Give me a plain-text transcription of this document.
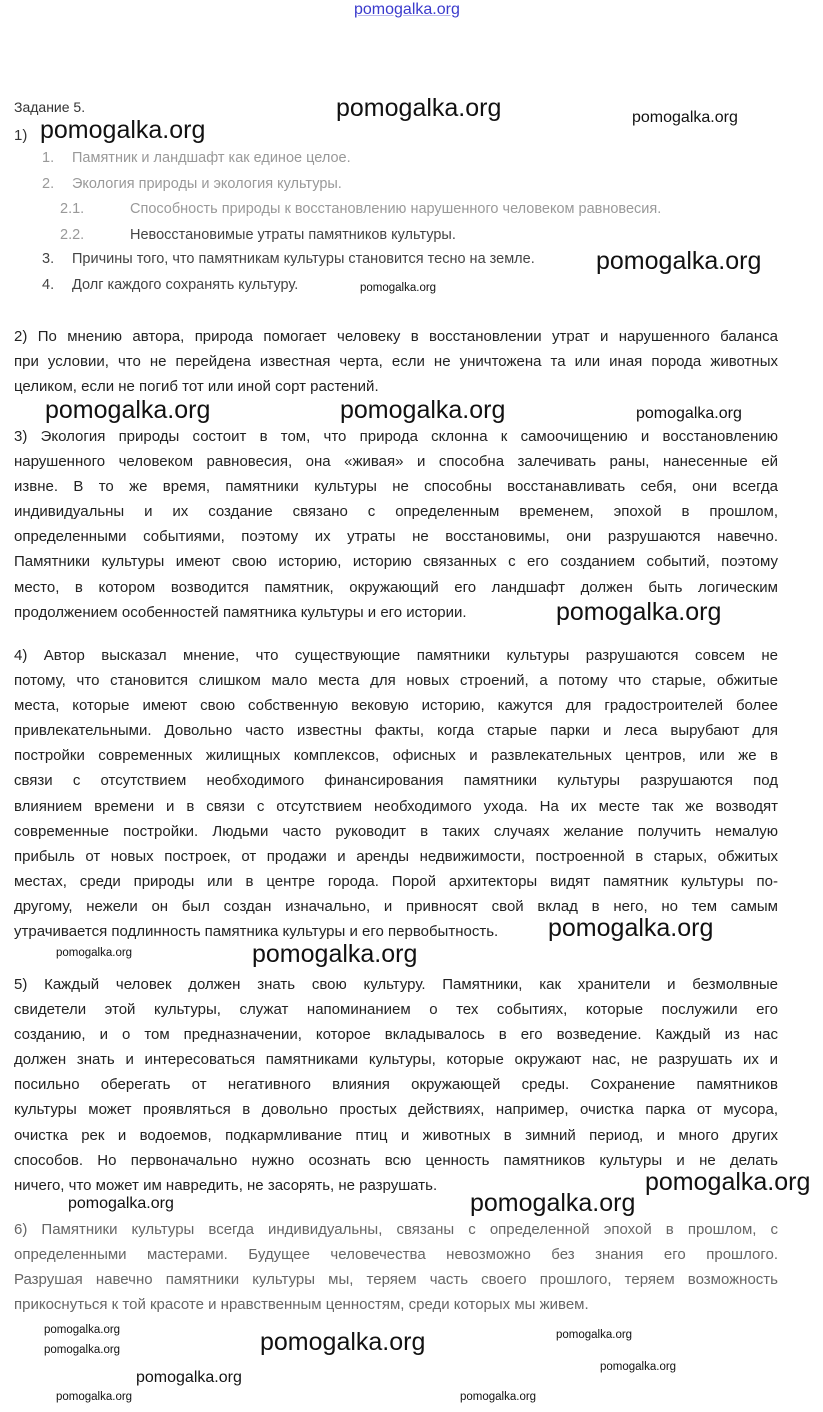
pomogalka.org
Задание 5.
1)
1. Памятник и ландшафт как единое целое.
2. Экология природы и экология культуры.
2.1.	Способность природы к восстановлению нарушенного человеком равновесия.
2.2.	Невосстановимые утраты памятников культуры.
3. Причины того, что памятникам культуры становится тесно на земле.
4. Долг каждого сохранять культуру.
2) По мнению автора, природа помогает человеку в восстановлении утрат и нарушенного баланса
при условии, что не перейдена известная черта, если не уничтожена та или иная порода животных
целиком, если не погиб тот или иной сорт растений.
3) Экология природы состоит в том, что природа склонна к самоочищению и восстановлению
нарушенного человеком равновесия, она «живая» и способна залечивать раны, нанесенные ей
извне. В то же время, памятники культуры не способны восстанавливать себя, они всегда
индивидуальны и их создание связано с определенным временем, эпохой в прошлом,
определенными событиями, поэтому их утраты не восстановимы, они разрушаются навечно.
Памятники культуры имеют свою историю, историю связанных с его созданием событий, поэтому
место, в котором возводится памятник, окружающий его ландшафт должен быть логическим
продолжением особенностей памятника культуры и его истории.
4) Автор высказал мнение, что существующие памятники культуры разрушаются совсем не
потому, что становится слишком мало места для новых строений, а потому что старые, обжитые
места, которые имеют свою собственную вековую историю, кажутся для градостроителей более
привлекательными. Довольно часто известны факты, когда старые парки и леса вырубают для
постройки современных жилищных комплексов, офисных и развлекательных центров, или же в
связи с отсутствием необходимого финансирования памятники культуры разрушаются под
влиянием времени и в связи с отсутствием необходимого ухода. На их месте так же возводят
современные постройки. Людьми часто руководит в таких случаях желание получить немалую
прибыль от новых построек, от продажи и аренды недвижимости, построенной в старых, обжитых
местах, среди природы или в центре города. Порой архитекторы видят памятник культуры по-
другому, нежели он был создан изначально, и привносят свой вклад в него, но тем самым
утрачивается подлинность памятника культуры и его первобытность.
5) Каждый человек должен знать свою культуру. Памятники, как хранители и безмолвные
свидетели этой культуры, служат напоминанием о тех событиях, которые послужили его
созданию, и о том предназначении, которое вкладывалось в его возведение. Каждый из нас
должен знать и интересоваться памятниками культуры, которые окружают нас, не разрушать их и
посильно оберегать от негативного влияния окружающей среды. Сохранение памятников
культуры может проявляться в довольно простых действиях, например, очистка парка от мусора,
очистка рек и водоемов, подкармливание птиц и животных в зимний период, и много других
способов. Но первоначально нужно осознать всю ценность памятников культуры и не делать
ничего, что может им навредить, не засорять, не разрушать.
6) Памятники культуры всегда индивидуальны, связаны с определенной эпохой в прошлом, с
определенными мастерами. Будущее человечества невозможно без знания его прошлого.
Разрушая навечно памятники культуры мы, теряем часть своего прошлого, теряем возможность
прикоснуться к той красоте и нравственным ценностям, среди которых мы живем.
pomogalka.org	pomogalka.org
pomogalka.org
pomogalka.org
pomogalka.org
pomogalka.org	pomogalka.org	pomogalka.org
pomogalka.org
pomogalka.org
pomogalka.org	pomogalka.org
pomogalka.org
pomogalka.org	pomogalka.org
pomogalka.org	pomogalka.org
pomogalka.org
pomogalka.org
pomogalka.org
pomogalka.org
pomogalka.org
pomogalka.org
